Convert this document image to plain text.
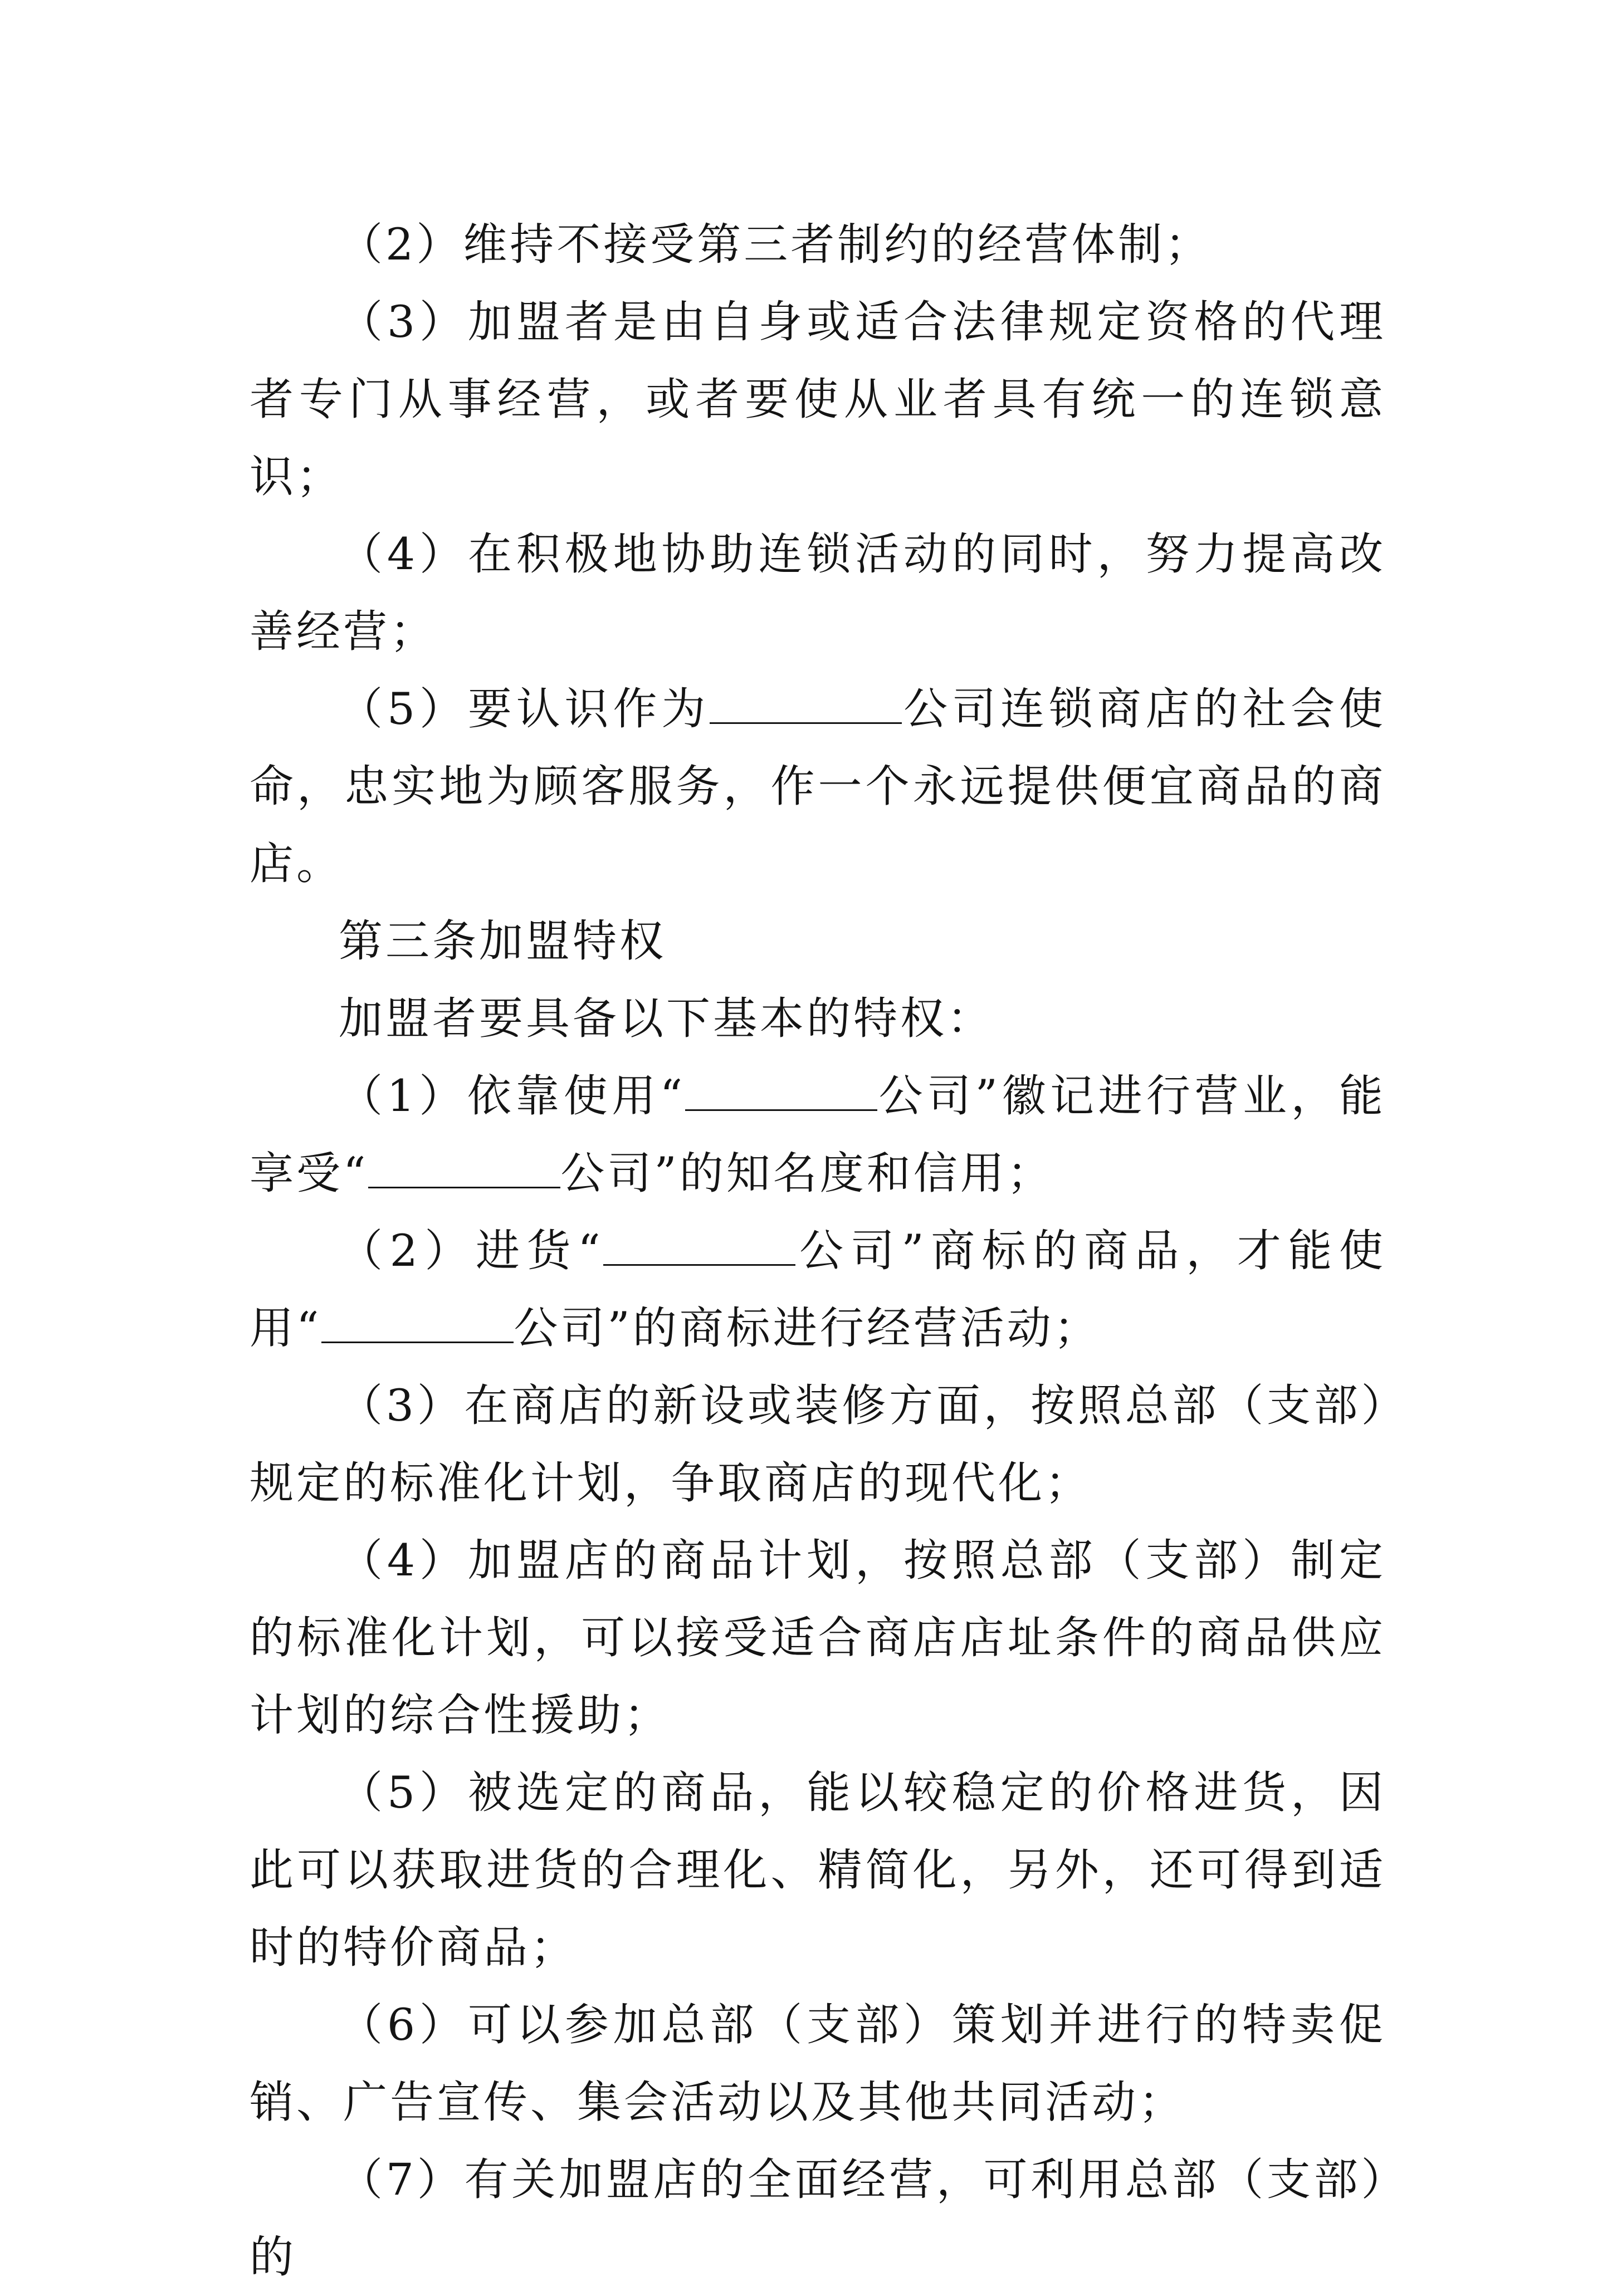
（2）维持不接受第三者制约的经营体制；

（3）加盟者是由自身或适合法律规定资格的代理者专门从事经营，或者要使从业者具有统一的连锁意识；

（4）在积极地协助连锁活动的同时，努力提高改善经营；

（5）要认识作为	公司连锁商店的社会使命，忠实地为顾客服务，作一个永远提供便宜商品的商店。

第三条加盟特权

加盟者要具备以下基本的特权：

（1）依靠使用“	公司”徽记进行营业，能享受“	公司”的知名度和信用；

（2）进货“	公司”商标的商品，才能使用“	公司”的商标进行经营活动；

（3）在商店的新设或装修方面，按照总部（支部）规定的标准化计划，争取商店的现代化；

（4）加盟店的商品计划，按照总部（支部）制定的标准化计划，可以接受适合商店店址条件的商品供应计划的综合性援助；

（5）被选定的商品，能以较稳定的价格进货，因此可以获取进货的合理化、精简化，另外，还可得到适时的特价商品；

（6）可以参加总部（支部）策划并进行的特卖促销、广告宣传、集会活动以及其他共同活动；

（7）有关加盟店的全面经营，可利用总部（支部）的
